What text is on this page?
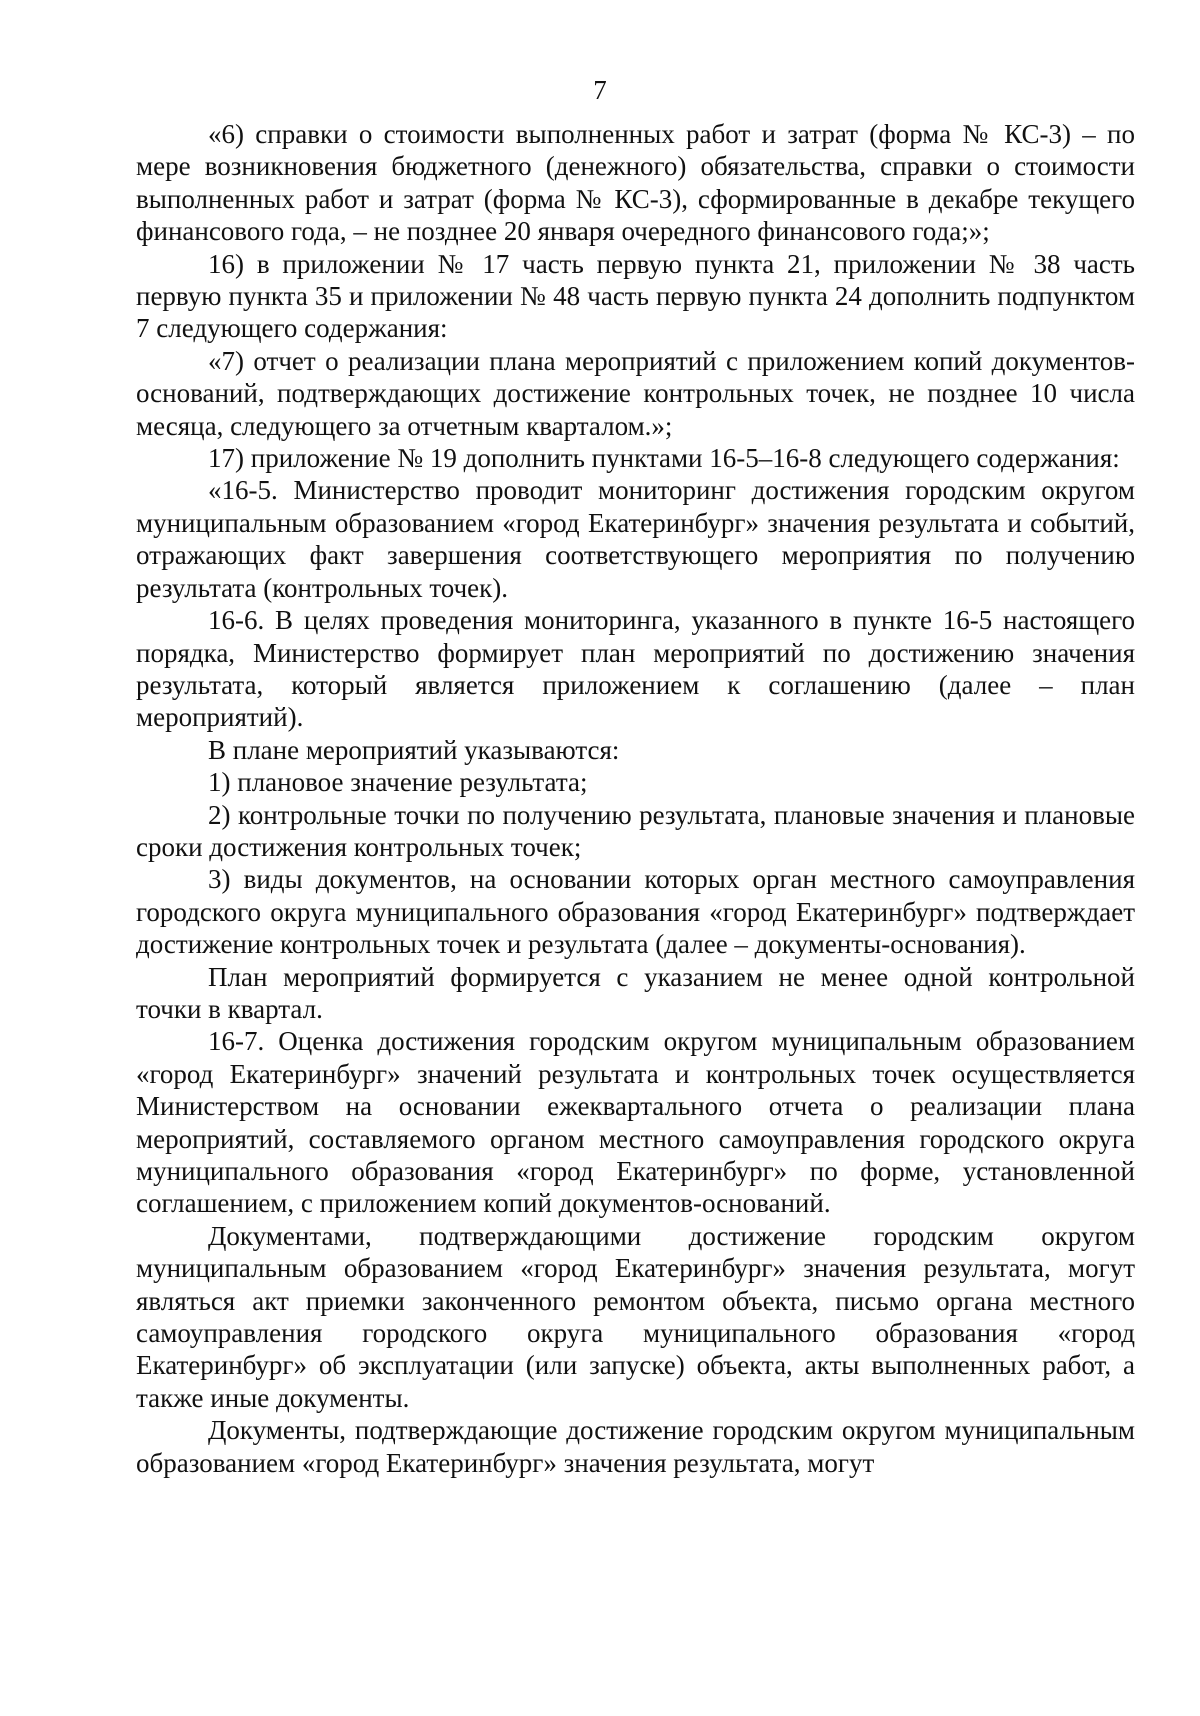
7

«6) справки о стоимости выполненных работ и затрат (форма № КС-3) – по мере возникновения бюджетного (денежного) обязательства, справки о стоимости выполненных работ и затрат (форма № КС-3), сформированные в декабре текущего финансового года, – не позднее 20 января очередного финансового года;»;

16) в приложении № 17 часть первую пункта 21, приложении № 38 часть первую пункта 35 и приложении № 48 часть первую пункта 24 дополнить подпунктом 7 следующего содержания:

«7) отчет о реализации плана мероприятий с приложением копий документов-оснований, подтверждающих достижение контрольных точек, не позднее 10 числа месяца, следующего за отчетным кварталом.»;

17) приложение № 19 дополнить пунктами 16-5–16-8 следующего содержания:

«16-5. Министерство проводит мониторинг достижения городским округом муниципальным образованием «город Екатеринбург» значения результата и событий, отражающих факт завершения соответствующего мероприятия по получению результата (контрольных точек).

16-6. В целях проведения мониторинга, указанного в пункте 16-5 настоящего порядка, Министерство формирует план мероприятий по достижению значения результата, который является приложением к соглашению (далее – план мероприятий).

В плане мероприятий указываются:

1) плановое значение результата;

2) контрольные точки по получению результата, плановые значения и плановые сроки достижения контрольных точек;

3) виды документов, на основании которых орган местного самоуправления городского округа муниципального образования «город Екатеринбург» подтверждает достижение контрольных точек и результата (далее – документы-основания).

План мероприятий формируется с указанием не менее одной контрольной точки в квартал.

16-7. Оценка достижения городским округом муниципальным образованием «город Екатеринбург» значений результата и контрольных точек осуществляется Министерством на основании ежеквартального отчета о реализации плана мероприятий, составляемого органом местного самоуправления городского округа муниципального образования «город Екатеринбург» по форме, установленной соглашением, с приложением копий документов-оснований.

Документами, подтверждающими достижение городским округом муниципальным образованием «город Екатеринбург» значения результата, могут являться акт приемки законченного ремонтом объекта, письмо органа местного самоуправления городского округа муниципального образования «город Екатеринбург» об эксплуатации (или запуске) объекта, акты выполненных работ, а также иные документы.

Документы, подтверждающие достижение городским округом муниципальным образованием «город Екатеринбург» значения результата, могут
